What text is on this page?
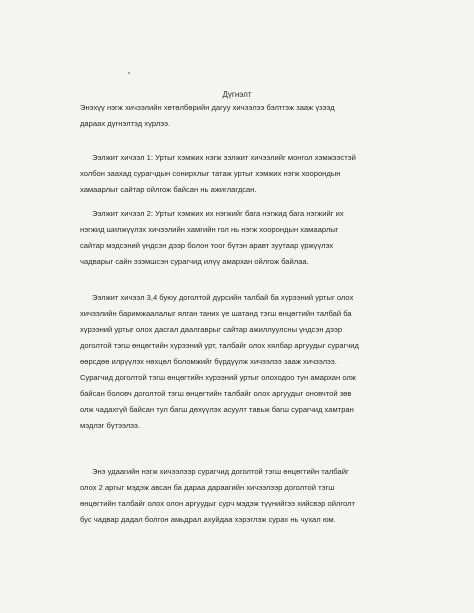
Дүгнэлт
Энэхүү нэгж хичээлийн хөтөлбөрийн дагуу хичээлээ бэлтгэж зааж үзээд
дараах дүгнэлтэд хүрлээ.
Ээлжит хичээл 1: Уртыг хэмжих нэгж ээлжит хичээлийг монгол хэмжээстэй
холбон заахад сурагчдын сонирхлыг татаж уртыг хэмжих нэгж хоорондын
хамаарлыг сайтар ойлгож байсан нь ажиглагдсан.
Ээлжит хичээл 2: Уртыг хэмжих их нэгжийг бага нэгжид бага нэгжийг их
нэгжид шилжүүлэх хичээлийн хамгийн гол нь нэгж хоорондын хамаарлыг
сайтар мэдсэний үндсэн дээр болон тоог бүтэн аравт зуутаар үржүүлэх
чадварыг сайн эзэмшсэн сурагчид илүү амархан ойлгож байлаа.
Ээлжит хичээл 3,4 буюу доголтой дүрсийн талбай ба хүрээний уртыг олох
хичээлийн баримжаалалыг ялган таних үе шатанд тэгш өнцөгтийн талбай ба
хүрээний уртыг олох дасгал даалгаврыг сайтар ажиллуулсны үндсэн дээр
доголтой тэгш өнцөгтийн хүрээний урт, талбайг олох хялбар аргуудыг сурагчид
өөрсдөө илрүүлэх нөхцөл боломжийг бүрдүүлж хичээлээ зааж хичээлээ.
Сурагчид доголтой тэгш өнцөгтийн хүрээний уртыг олоходоо тун амархан олж
байсан боловч доголтой тэгш өнцөгтийн талбайг олох аргуудыг оновчтой зөв
олж чадахгүй байсан тул багш дөхүүлэх асуулт тавьж багш сурагчид хамтран
мэдлэг бүтээлээ.
Энэ удаагийн нэгж хичээлээр сурагчид доголтой тэгш өнцөгтийн талбайг
олох 2 аргыг мэдэж авсан ба дараа дараагийн хичээлээр доголтой тэгш
өнцөгтийн талбайг олох олон аргуудыг сурч мэдэж түүнийгээ хийсвэр ойлголт
бус чадвар дадал болгон амьдрал ахуйдаа хэрэглэж сурах нь чухал юм.
